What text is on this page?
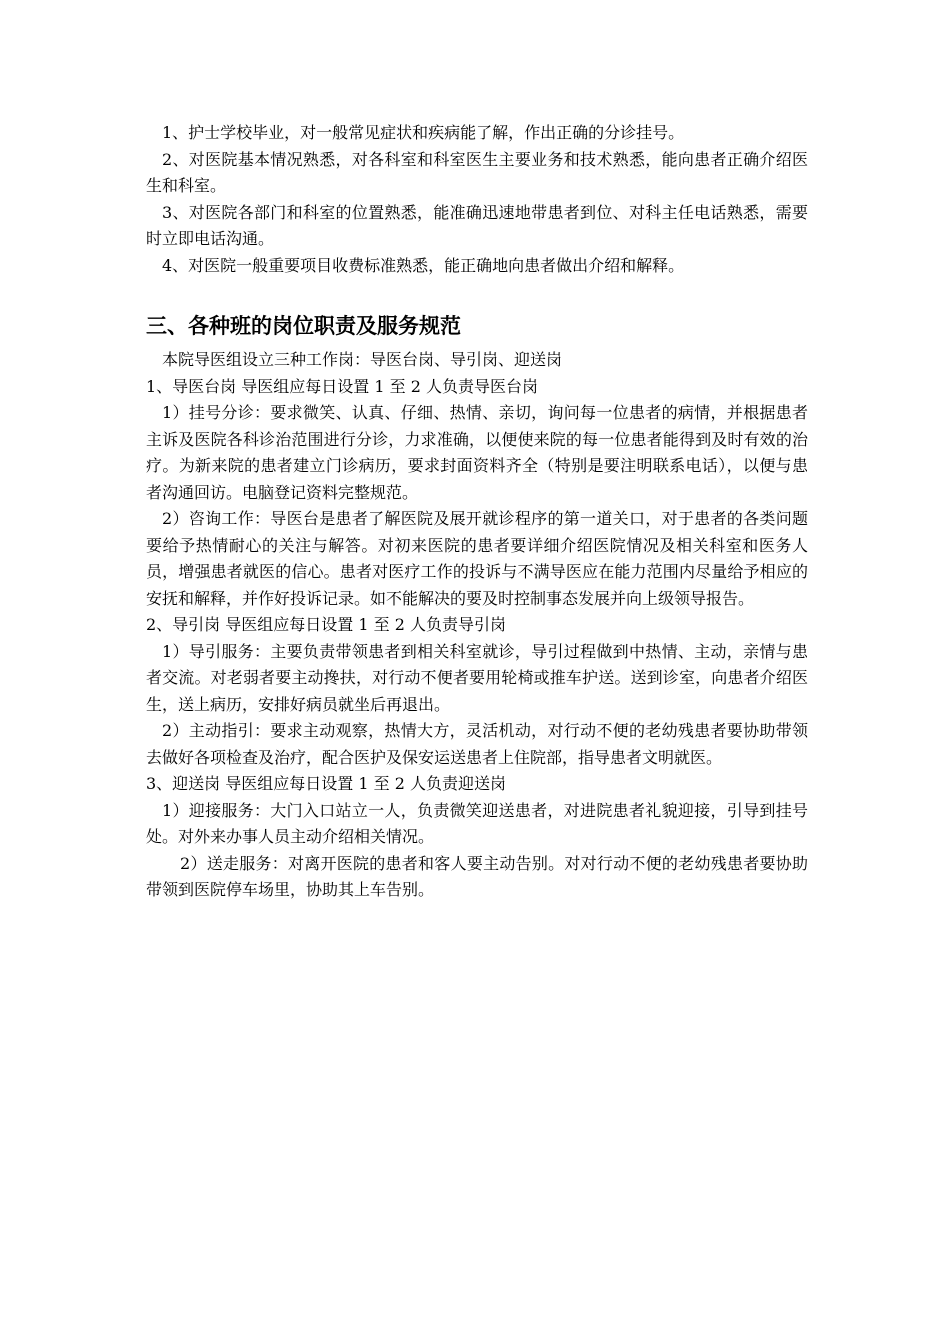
1、护士学校毕业，对一般常见症状和疾病能了解，作出正确的分诊挂号。

2、对医院基本情况熟悉，对各科室和科室医生主要业务和技术熟悉，能向患者正确介绍医生和科室。

3、对医院各部门和科室的位置熟悉，能准确迅速地带患者到位、对科主任电话熟悉，需要时立即电话沟通。

4、对医院一般重要项目收费标准熟悉，能正确地向患者做出介绍和解释。

三、各种班的岗位职责及服务规范

本院导医组设立三种工作岗：导医台岗、导引岗、迎送岗

1、导医台岗 导医组应每日设置 1 至 2 人负责导医台岗

1）挂号分诊：要求微笑、认真、仔细、热情、亲切，询问每一位患者的病情，并根据患者主诉及医院各科诊治范围进行分诊，力求准确，以便使来院的每一位患者能得到及时有效的治疗。为新来院的患者建立门诊病历，要求封面资料齐全（特别是要注明联系电话），以便与患者沟通回访。电脑登记资料完整规范。

2）咨询工作：导医台是患者了解医院及展开就诊程序的第一道关口，对于患者的各类问题要给予热情耐心的关注与解答。对初来医院的患者要详细介绍医院情况及相关科室和医务人员，增强患者就医的信心。患者对医疗工作的投诉与不满导医应在能力范围内尽量给予相应的安抚和解释，并作好投诉记录。如不能解决的要及时控制事态发展并向上级领导报告。

2、导引岗 导医组应每日设置 1 至 2 人负责导引岗

1）导引服务：主要负责带领患者到相关科室就诊，导引过程做到中热情、主动，亲情与患者交流。对老弱者要主动搀扶，对行动不便者要用轮椅或推车护送。送到诊室，向患者介绍医生，送上病历，安排好病员就坐后再退出。

2）主动指引：要求主动观察，热情大方，灵活机动，对行动不便的老幼残患者要协助带领去做好各项检查及治疗，配合医护及保安运送患者上住院部，指导患者文明就医。

3、迎送岗 导医组应每日设置 1 至 2 人负责迎送岗

1）迎接服务：大门入口站立一人，负责微笑迎送患者，对进院患者礼貌迎接，引导到挂号处。对外来办事人员主动介绍相关情况。

2）送走服务：对离开医院的患者和客人要主动告别。对对行动不便的老幼残患者要协助带领到医院停车场里，协助其上车告别。
